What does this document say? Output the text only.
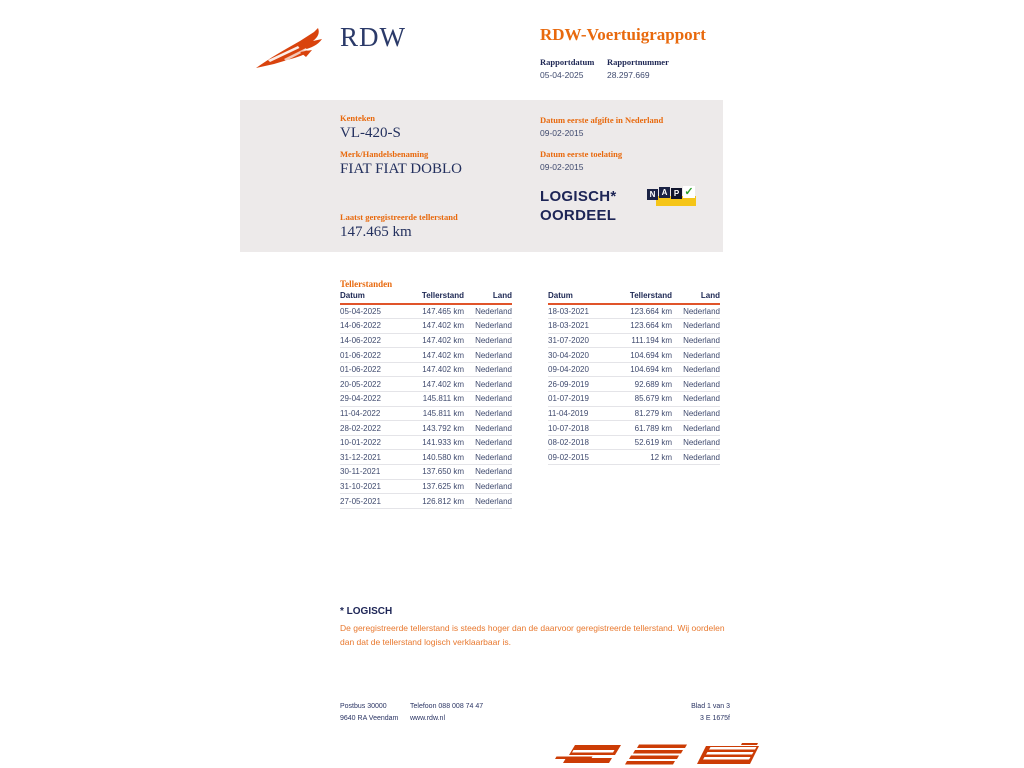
RDW	RDW-Voertuigrapport
Rapportdatum
05-04-2025
Rapportnummer
28.297.669
Kenteken
VL-420-S
Merk/Handelsbenaming
FIAT FIAT DOBLO
Laatst geregistreerde tellerstand
147.465 km
Datum eerste afgifte in Nederland
09-02-2015
Datum eerste toelating
09-02-2015
LOGISCH*
OORDEEL
N A P ✓
Tellerstanden
Datum	Tellerstand	Land
05-04-2025	147.465 km	Nederland
14-06-2022	147.402 km	Nederland
14-06-2022	147.402 km	Nederland
01-06-2022	147.402 km	Nederland
01-06-2022	147.402 km	Nederland
20-05-2022	147.402 km	Nederland
29-04-2022	145.811 km	Nederland
11-04-2022	145.811 km	Nederland
28-02-2022	143.792 km	Nederland
10-01-2022	141.933 km	Nederland
31-12-2021	140.580 km	Nederland
30-11-2021	137.650 km	Nederland
31-10-2021	137.625 km	Nederland
27-05-2021	126.812 km	Nederland
Datum	Tellerstand	Land
18-03-2021	123.664 km	Nederland
18-03-2021	123.664 km	Nederland
31-07-2020	111.194 km	Nederland
30-04-2020	104.694 km	Nederland
09-04-2020	104.694 km	Nederland
26-09-2019	92.689 km	Nederland
01-07-2019	85.679 km	Nederland
11-04-2019	81.279 km	Nederland
10-07-2018	61.789 km	Nederland
08-02-2018	52.619 km	Nederland
09-02-2015	12 km	Nederland
* LOGISCH
De geregistreerde tellerstand is steeds hoger dan de daarvoor geregistreerde tellerstand. Wij oordelen dan dat de tellerstand logisch verklaarbaar is.
Postbus 30000
9640 RA Veendam
Telefoon 088 008 74 47
www.rdw.nl
Blad 1 van 3
3 E 1675f
